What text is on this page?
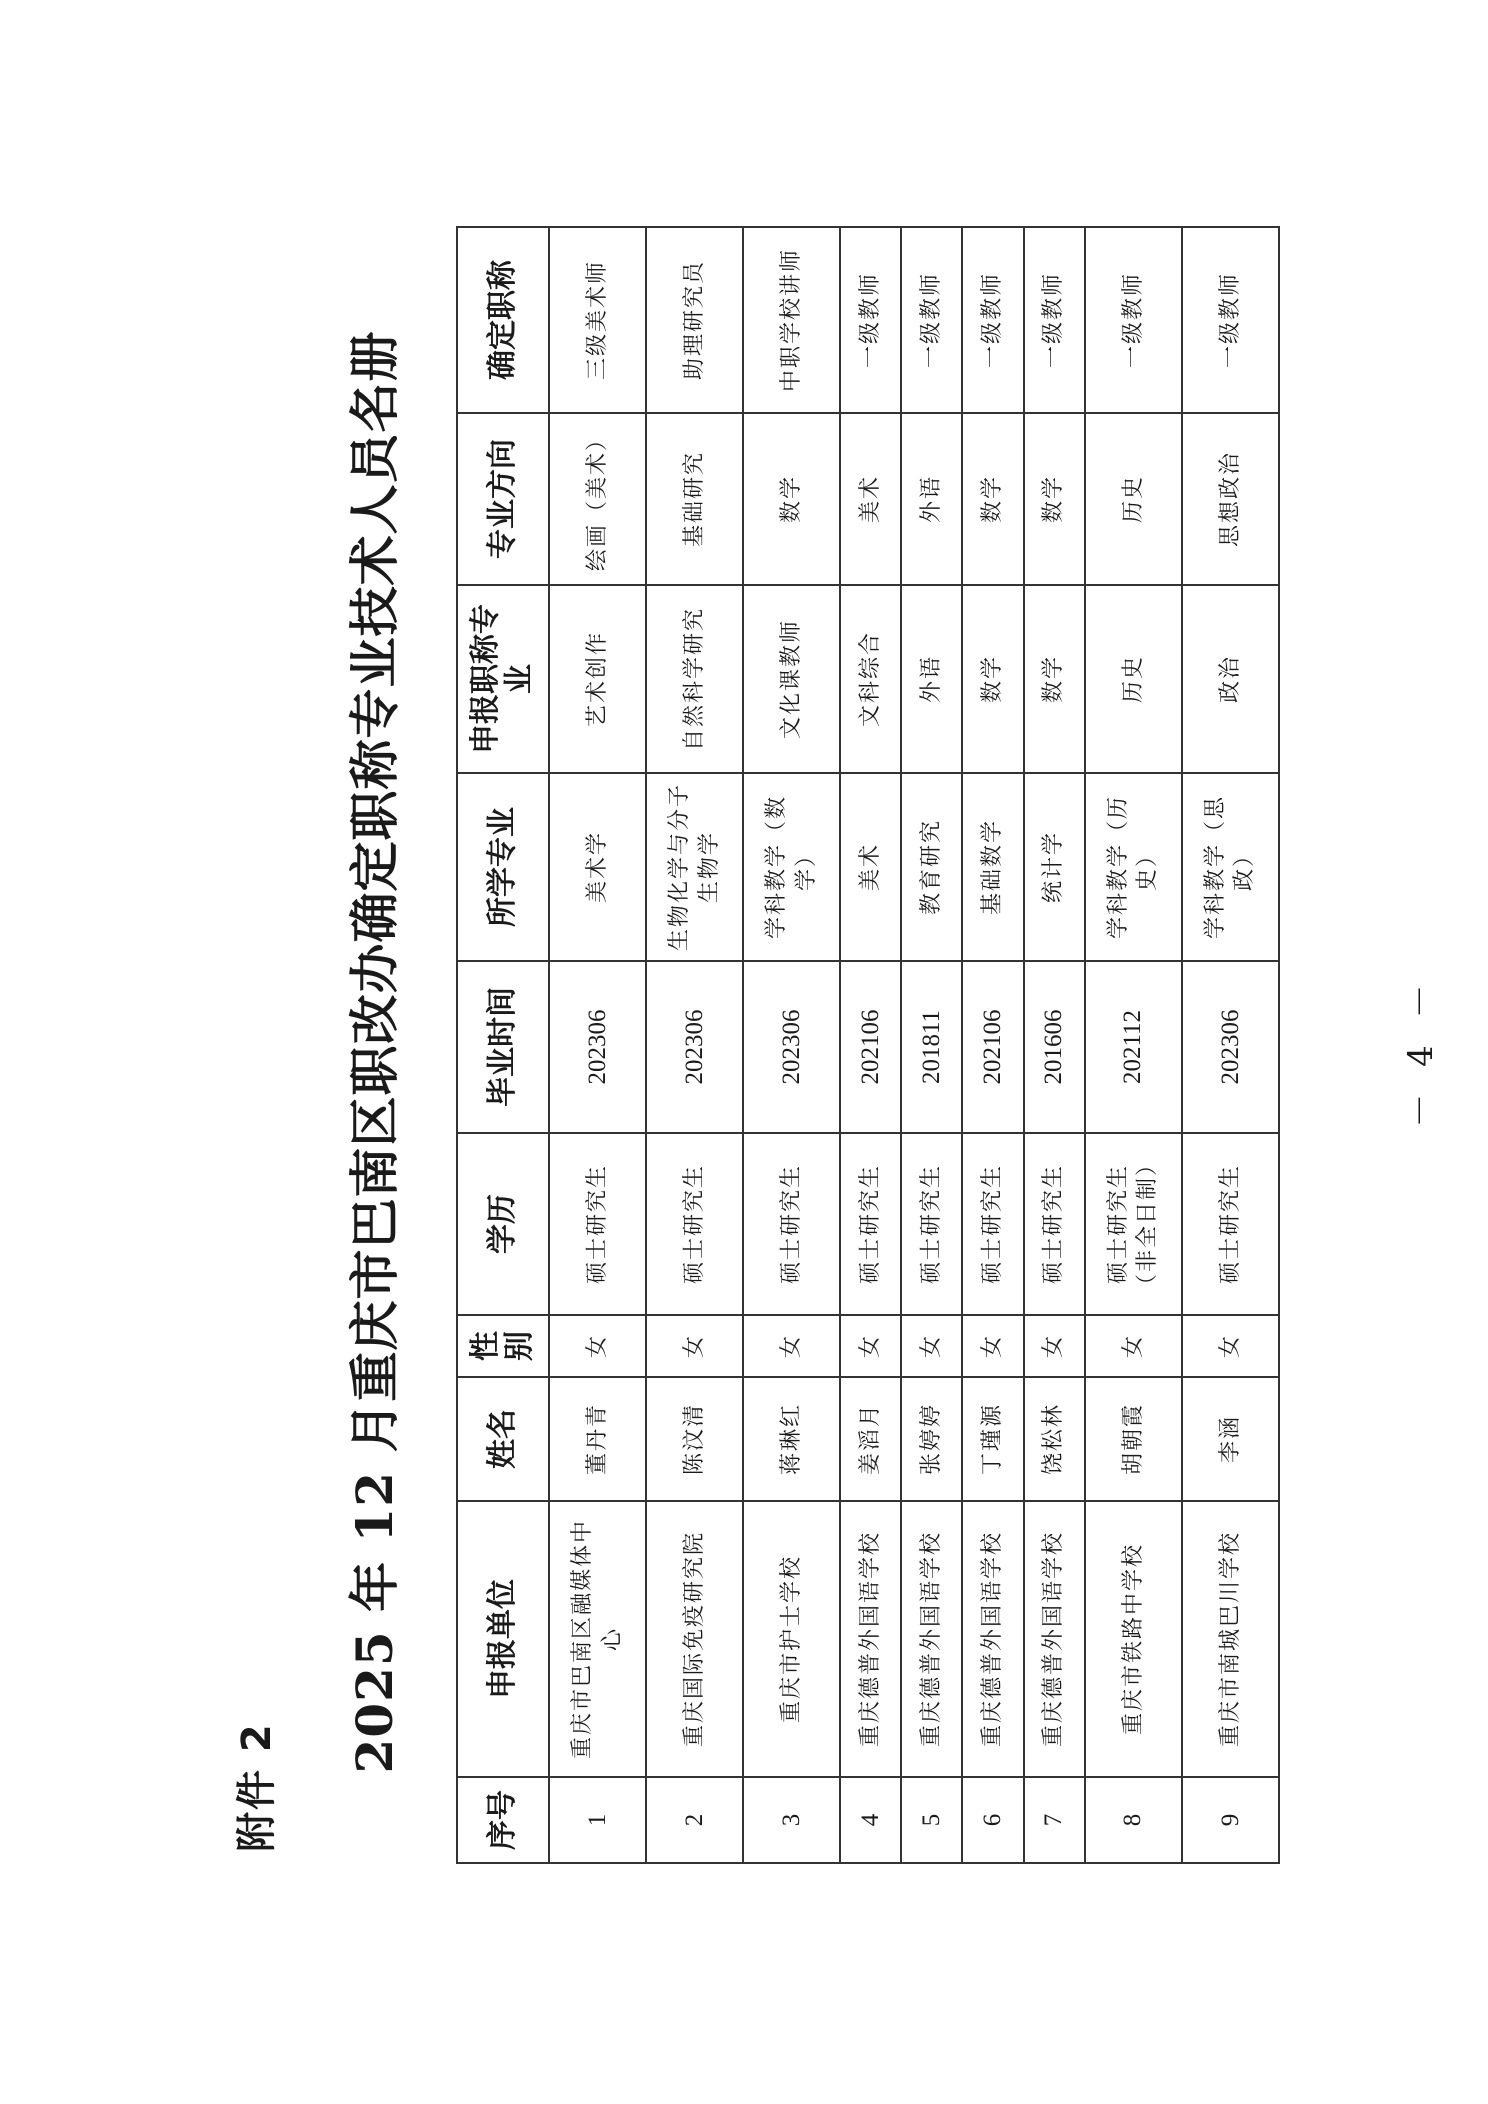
附件 2
2025 年 12 月重庆市巴南区职改办确定职称专业技术人员名册
序号	申报单位	姓名	性别	学历	毕业时间	所学专业	申报职称专业	专业方向	确定职称
1	重庆市巴南区融媒体中心	董丹青	女	硕士研究生	202306	美术学	艺术创作	绘画（美术）	三级美术师
2	重庆国际免疫研究院	陈汶清	女	硕士研究生	202306	生物化学与分子生物学	自然科学研究	基础研究	助理研究员
3	重庆市护士学校	蒋琳红	女	硕士研究生	202306	学科教学（数学）	文化课教师	数学	中职学校讲师
4	重庆德普外国语学校	姜滔月	女	硕士研究生	202106	美术	文科综合	美术	一级教师
5	重庆德普外国语学校	张婷婷	女	硕士研究生	201811	教育研究	外语	外语	一级教师
6	重庆德普外国语学校	丁瑾源	女	硕士研究生	202106	基础数学	数学	数学	一级教师
7	重庆德普外国语学校	饶松林	女	硕士研究生	201606	统计学	数学	数学	一级教师
8	重庆市铁路中学校	胡朝霞	女	硕士研究生（非全日制）	202112	学科教学（历史）	历史	历史	一级教师
9	重庆市南城巴川学校	李涵	女	硕士研究生	202306	学科教学（思政）	政治	思想政治	一级教师
－ 4 －
